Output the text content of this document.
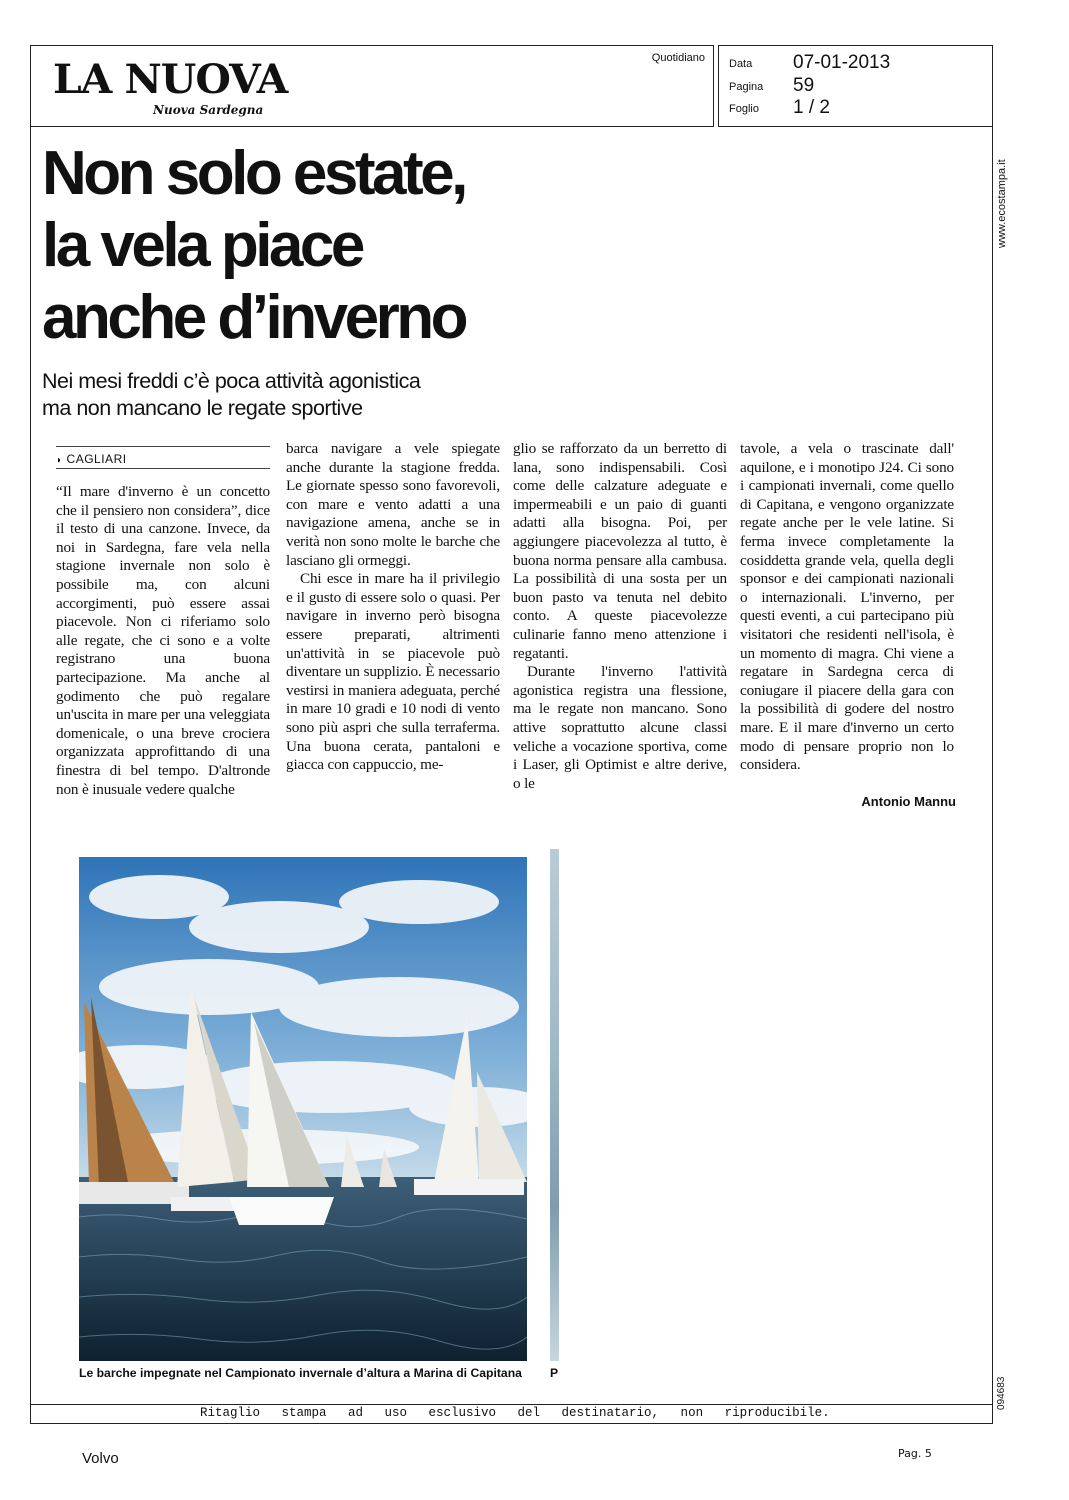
LA NUOVA
Nuova Sardegna
Quotidiano Data	07-01-2013
Pagina	59
Foglio	1 / 2
www.ecostampa.it
094683
Non solo estate,
la vela piace
anche d’inverno
Nei mesi freddi c’è poca attività agonistica
ma non mancano le regate sportive
◗ CAGLIARI

“Il mare d'inverno è un concetto che il pensiero non considera”, dice il testo di una canzone. Invece, da noi in Sardegna, fare vela nella stagione invernale non solo è possibile ma, con alcuni accorgimenti, può essere assai piacevole. Non ci riferiamo solo alle regate, che ci sono e a volte registrano una buona partecipazione. Ma anche al godimento che può regalare un'uscita in mare per una veleggiata domenicale, o una breve crociera organizzata approfittando di una finestra di bel tempo. D'altronde non è inusuale vedere qualche

barca navigare a vele spiegate anche durante la stagione fredda. Le giornate spesso sono favorevoli, con mare e vento adatti a una navigazione amena, anche se in verità non sono molte le barche che lasciano gli ormeggi.

Chi esce in mare ha il privilegio e il gusto di essere solo o quasi. Per navigare in inverno però bisogna essere preparati, altrimenti un'attività in se piacevole può diventare un supplizio. È necessario vestirsi in maniera adeguata, perché in mare 10 gradi e 10 nodi di vento sono più aspri che sulla terraferma. Una buona cerata, pantaloni e giacca con cappuccio, me-

glio se rafforzato da un berretto di lana, sono indispensabili. Così come delle calzature adeguate e impermeabili e un paio di guanti adatti alla bisogna. Poi, per aggiungere piacevolezza al tutto, è buona norma pensare alla cambusa. La possibilità di una sosta per un buon pasto va tenuta nel debito conto. A queste piacevolezze culinarie fanno meno attenzione i regatanti.

Durante l'inverno l'attività agonistica registra una flessione, ma le regate non mancano. Sono attive soprattutto alcune classi veliche a vocazione sportiva, come i Laser, gli Optimist e altre derive, o le

tavole, a vela o trascinate dall' aquilone, e i monotipo J24. Ci sono i campionati invernali, come quello di Capitana, e vengono organizzate regate anche per le vele latine. Si ferma invece completamente la cosiddetta grande vela, quella degli sponsor e dei campionati nazionali o internazionali. L'inverno, per questi eventi, a cui partecipano più visitatori che residenti nell'isola, è un momento di magra. Chi viene a regatare in Sardegna cerca di coniugare il piacere della gara con la possibilità di godere del nostro mare. E il mare d'inverno un certo modo di pensare proprio non lo considera.

Antonio Mannu
Le barche impegnate nel Campionato invernale d’altura a Marina di Capitana	P
Ritaglio stampa ad uso esclusivo del destinatario, non riproducibile.
Volvo	Pag. 5
